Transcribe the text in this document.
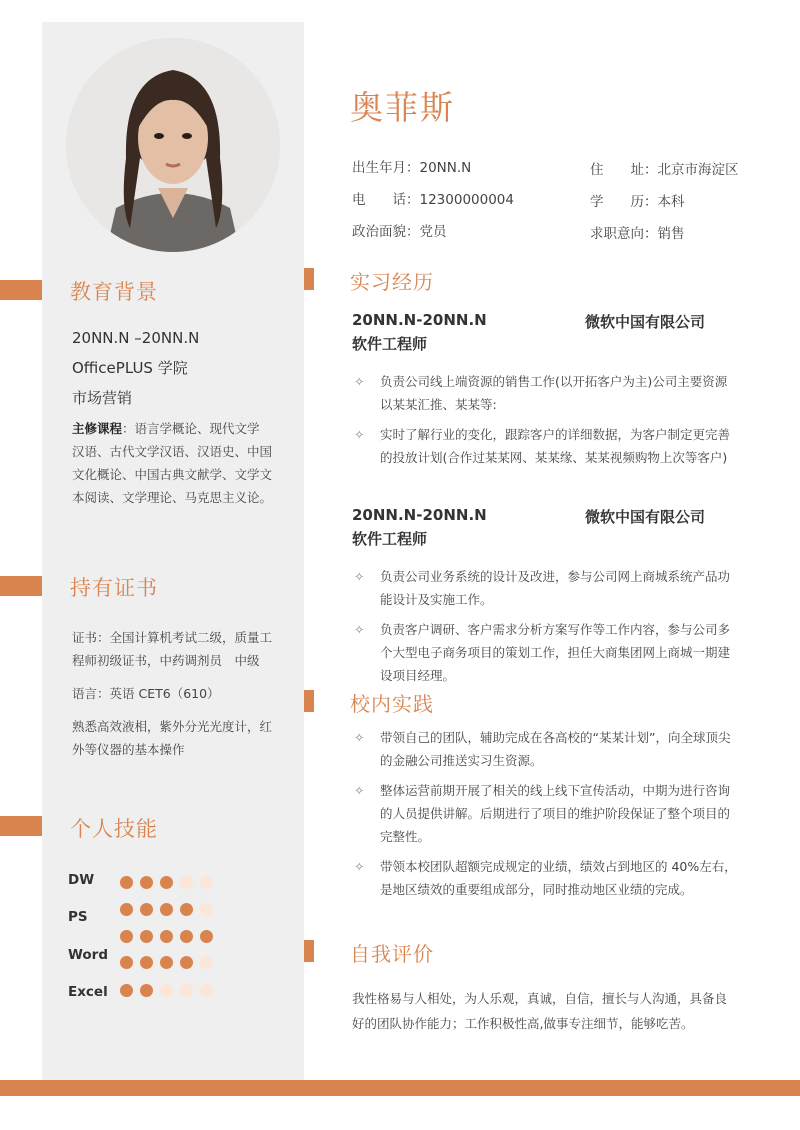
教育背景
20NN.N –20NN.N
OfficePLUS 学院
市场营销
主修课程：语言学概论、现代文学汉语、古代文学汉语、汉语史、中国文化概论、中国古典文献学、文学文本阅读、文学理论、马克思主义论。
持有证书

证书：全国计算机考试二级，质量工程师初级证书，中药调剂员　中级

语言：英语 CET6（610）

熟悉高效液相，紫外分光光度计，红外等仪器的基本操作

个人技能
DW
PS
Word
Excel
奥菲斯
出生年月：20NN.N
电　　话：12300000004
政治面貌：党员
住　　址：北京市海淀区
学　　历：本科
求职意向：销售
实习经历
20NN.N-20NN.N	微软中国有限公司
软件工程师
✧ 负责公司线上端资源的销售工作(以开拓客户为主)公司主要资源以某某汇推、某某等:
✧ 实时了解行业的变化，跟踪客户的详细数据，为客户制定更完善的投放计划(合作过某某网、某某缘、某某视频购物上次等客户)
20NN.N-20NN.N	微软中国有限公司
软件工程师
✧ 负责公司业务系统的设计及改进，参与公司网上商城系统产品功能设计及实施工作。
✧ 负责客户调研、客户需求分析方案写作等工作内容，参与公司多个大型电子商务项目的策划工作，担任大商集团网上商城一期建设项目经理。
校内实践
✧ 带领自己的团队，辅助完成在各高校的“某某计划”，向全球顶尖的金融公司推送实习生资源。
✧ 整体运营前期开展了相关的线上线下宣传活动，中期为进行咨询的人员提供讲解。后期进行了项目的维护阶段保证了整个项目的完整性。
✧ 带领本校团队超额完成规定的业绩，绩效占到地区的 40%左右，是地区绩效的重要组成部分，同时推动地区业绩的完成。
自我评价
我性格易与人相处，为人乐观，真诚，自信，擅长与人沟通，具备良好的团队协作能力；工作积极性高,做事专注细节，能够吃苦。
